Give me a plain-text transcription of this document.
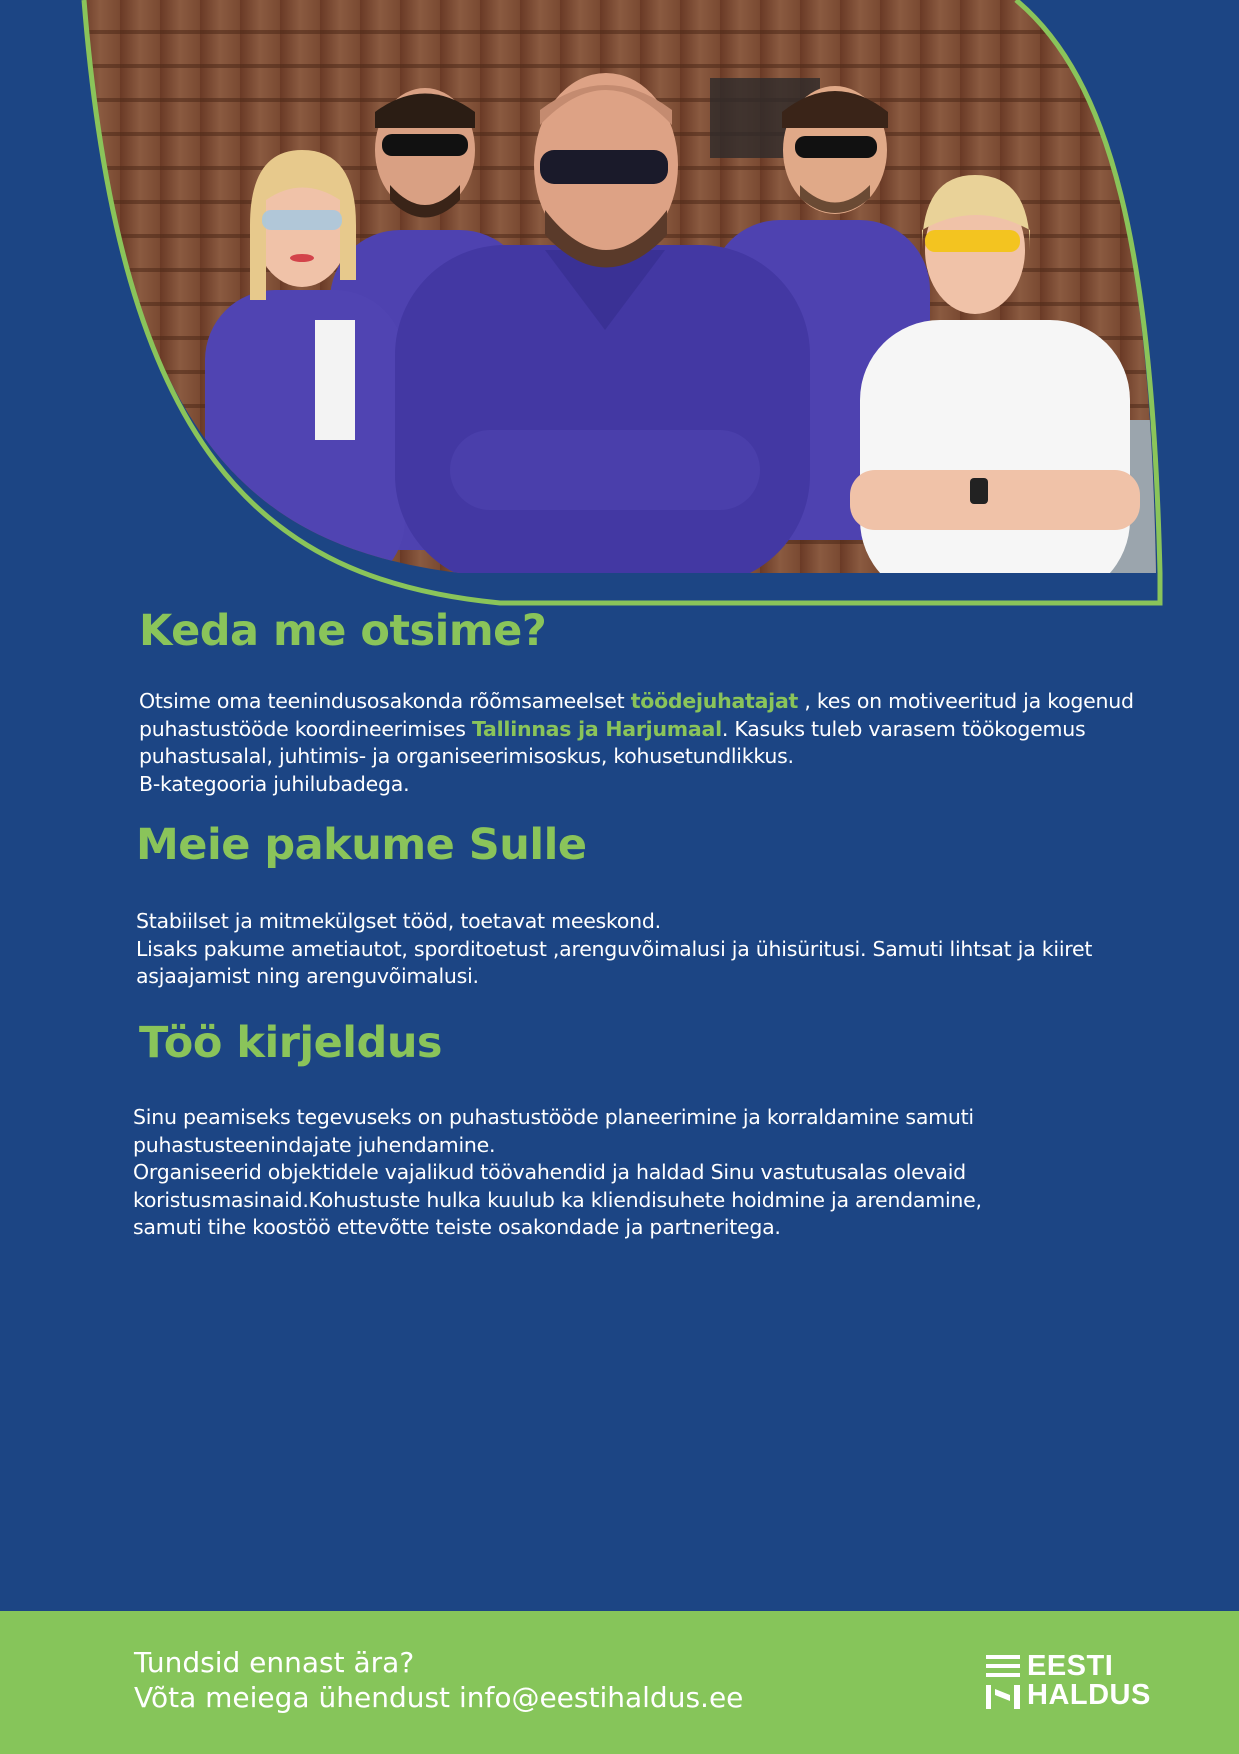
Keda me otsime?

Otsime oma teenindusosakonda rõõmsameelset töödejuhatajat , kes on motiveeritud ja kogenud
puhastustööde koordineerimises Tallinnas ja Harjumaal. Kasuks tuleb varasem töökogemus
puhastusalal, juhtimis- ja organiseerimisoskus, kohusetundlikkus.
B-kategooria juhilubadega.

Meie pakume Sulle

Stabiilset ja mitmekülgset tööd, toetavat meeskond.
Lisaks pakume ametiautot, sporditoetust ,arenguvõimalusi ja ühisüritusi. Samuti lihtsat ja kiiret
asjaajamist ning arenguvõimalusi.

Töö kirjeldus

Sinu peamiseks tegevuseks on puhastustööde planeerimine ja korraldamine samuti
puhastusteenindajate juhendamine.
Organiseerid objektidele vajalikud töövahendid ja haldad Sinu vastutusalas olevaid
koristusmasinaid.Kohustuste hulka kuulub ka kliendisuhete hoidmine ja arendamine,
samuti tihe koostöö ettevõtte teiste osakondade ja partneritega.

Tundsid ennast ära?
Võta meiega ühendust info@eestihaldus.ee
EESTI
HALDUS
